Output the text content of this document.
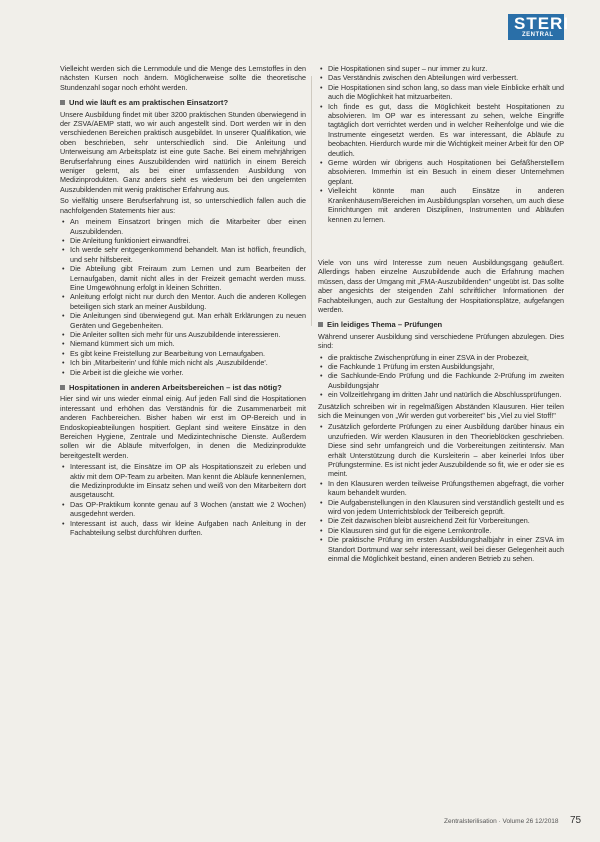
STERI
ZENTRAL

Vielleicht werden sich die Lernmodule und die Menge des Lernstoffes in den nächsten Kursen noch ändern. Möglicherweise sollte die theoretische Stundenzahl sogar noch erhöht werden.

Und wie läuft es am praktischen Einsatzort?

Unsere Ausbildung findet mit über 3200 praktischen Stunden überwiegend in der ZSVA/AEMP statt, wo wir auch angestellt sind. Dort werden wir in den verschiedenen Bereichen praktisch ausgebildet. In unserer Qualifikation, wie oben beschrieben, sehr unterschiedlich sind. Die Anleitung und Unterweisung am Arbeitsplatz ist eine gute Sache. Bei einem mehrjährigen Berufserfahrung eines Auszubildenden wird natürlich in einem Bereich weniger gelernt, als bei einer umfassenden Ausbildung von Medizinprodukten. Ganz anders sieht es wiederum bei den ungelernten Auszubildenden mit wenig praktischer Erfahrung aus.

So vielfältig unsere Berufserfahrung ist, so unterschiedlich fallen auch die nachfolgenden Statements hier aus:

• An meinem Einsatzort bringen mich die Mitarbeiter über einen Auszubildenden.
• Die Anleitung funktioniert einwandfrei.
• Ich werde sehr entgegenkommend behandelt. Man ist höflich, freundlich, und sehr hilfsbereit.
• Die Abteilung gibt Freiraum zum Lernen und zum Bearbeiten der Lernaufgaben, damit nicht alles in der Freizeit gemacht werden muss. Eine Umgewöhnung erfolgt in kleinen Schritten.
• Anleitung erfolgt nicht nur durch den Mentor. Auch die anderen Kollegen beteiligen sich stark an meiner Ausbildung.
• Die Anleitungen sind überwiegend gut. Man erhält Erklärungen zu neuen Geräten und Gegebenheiten.
• Die Anleiter sollten sich mehr für uns Auszubildende interessieren.
• Niemand kümmert sich um mich.
• Es gibt keine Freistellung zur Bearbeitung von Lernaufgaben.
• Ich bin ,Mitarbeiterin' und fühle mich nicht als ,Auszubildende'.
• Die Arbeit ist die gleiche wie vorher.
Hospitationen in anderen Arbeitsbereichen – ist das nötig?

Hier sind wir uns wieder einmal einig. Auf jeden Fall sind die Hospitationen interessant und erhöhen das Verständnis für die Zusammenarbeit mit anderen Fachbereichen. Bisher haben wir erst im OP-Bereich und in Endoskopieabteilungen hospitiert. Geplant sind weitere Einsätze in den Bereichen Hygiene, Zentrale und Medizintechnische Dienste. Außerdem sollen wir die Abläufe mitverfolgen, in denen die Medizinprodukte bereitgestellt werden.

• Interessant ist, die Einsätze im OP als Hospitationszeit zu erleben und aktiv mit dem OP-Team zu arbeiten. Man kennt die Abläufe kennenlernen, die Medizinprodukte im Einsatz sehen und weiß von den Mitarbeitern dort ausgetauscht.
• Das OP-Praktikum konnte genau auf 3 Wochen (anstatt wie 2 Wochen) ausgedehnt werden.
• Interessant ist auch, dass wir kleine Aufgaben nach Anleitung in der Fachabteilung selbst durchführen durften.
• Die Hospitationen sind super – nur immer zu kurz.
• Das Verständnis zwischen den Abteilungen wird verbessert.
• Die Hospitationen sind schon lang, so dass man viele Einblicke erhält und auch die Möglichkeit hat mitzuarbeiten.
• Ich finde es gut, dass die Möglichkeit besteht Hospitationen zu absolvieren. Im OP war es interessant zu sehen, welche Eingriffe tagtäglich dort verrichtet werden und in welcher Reihenfolge und wie die Instrumente eingesetzt werden. Es war interessant, die Abläufe zu beobachten. Hierdurch wurde mir die Wichtigkeit meiner Arbeit für den OP deutlich.
• Gerne würden wir übrigens auch Hospitationen bei Gefäßherstellern absolvieren. Immerhin ist ein Besuch in einem dieser Unternehmen geplant.
• Vielleicht könnte man auch Einsätze in anderen Krankenhäusern/Bereichen im Ausbildungsplan vorsehen, um auch diese Einrichtungen mit anderen Disziplinen, Instrumenten und Abläufen kennen zu lernen.

Viele von uns wird Interesse zum neuen Ausbildungsgang geäußert. Allerdings haben einzelne Auszubildende auch die Erfahrung machen müssen, dass der Umgang mit „FMA-Auszubildenden" ungeübt ist. Das sollte aber angesichts der steigenden Zahl schriftlicher Informationen der Fachabteilungen, auch zur Gestaltung der Hospitationsplätze, aufgefangen werden.

Ein leidiges Thema – Prüfungen

Während unserer Ausbildung sind verschiedene Prüfungen abzulegen. Dies sind:

• die praktische Zwischenprüfung in einer ZSVA in der Probezeit,
• die Fachkunde 1 Prüfung im ersten Ausbildungsjahr,
• die Sachkunde-Endo Prüfung und die Fachkunde 2-Prüfung im zweiten Ausbildungsjahr
• ein Vollzeitlehrgang im dritten Jahr und natürlich die Abschlussprüfungen.

Zusätzlich schreiben wir in regelmäßigen Abständen Klausuren. Hier teilen sich die Meinungen von „Wir werden gut vorbereitet" bis „Viel zu viel Stoff!"

• Zusätzlich geforderte Prüfungen zu einer Ausbildung darüber hinaus ein unzufrieden. Wir werden Klausuren in den Theorieblöcken geschrieben. Diese sind sehr umfangreich und die Vorbereitungen zeitintensiv. Man erhält Unterstützung durch die Kursleiterin – aber keinerlei Infos über Prüfungstermine. Es ist nicht jeder Auszubildende so fit, wie er oder sie es meint.
• In den Klausuren werden teilweise Prüfungsthemen abgefragt, die vorher kaum behandelt wurden.
• Die Aufgabenstellungen in den Klausuren sind verständlich gestellt und es wird von jedem Unterrichtsblock der Teilbereich geprüft.
• Die Zeit dazwischen bleibt ausreichend Zeit für Vorbereitungen.
• Die Klausuren sind gut für die eigene Lernkontrolle.
• Die praktische Prüfung im ersten Ausbildungshalbjahr in einer ZSVA im Standort Dortmund war sehr interessant, weil bei dieser Gelegenheit auch einmal die Möglichkeit bestand, einen anderen Betrieb zu sehen.
Zentralsterilisation · Volume 26 12/2018 75
